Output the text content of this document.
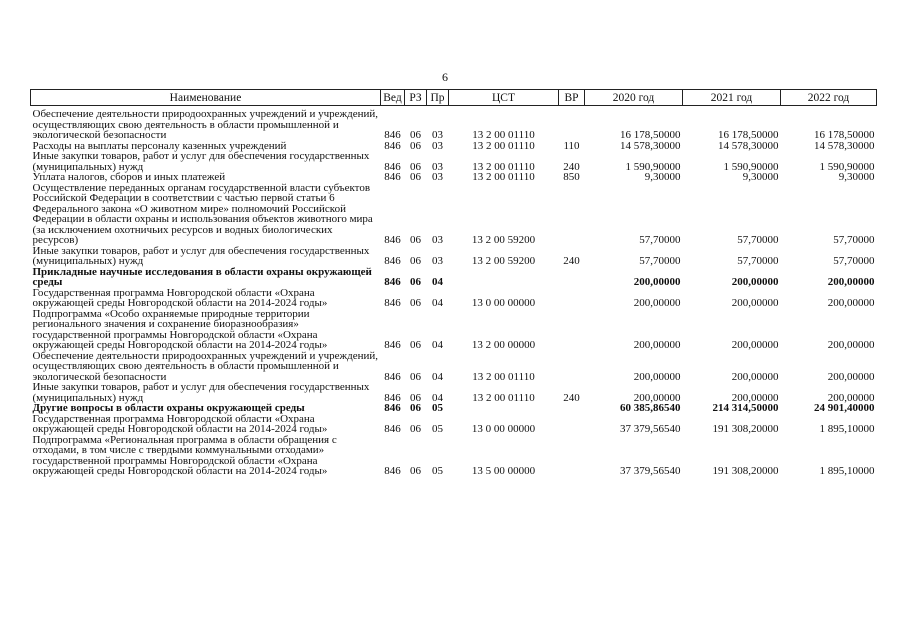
6
Наименование	Вед	РЗ	Пр	ЦСТ	ВР	2020 год	2021 год	2022 год
Обеспечение деятельности природоохранных учреждений и учреждений, осуществляющих свою деятельность в области промышленной и экологической безопасности	846	06	03	13 2 00 01110		16 178,50000	16 178,50000	16 178,50000
Расходы на выплаты персоналу казенных учреждений	846	06	03	13 2 00 01110	110	14 578,30000	14 578,30000	14 578,30000
Иные закупки товаров, работ и услуг для обеспечения государственных (муниципальных) нужд	846	06	03	13 2 00 01110	240	1 590,90000	1 590,90000	1 590,90000
Уплата налогов, сборов и иных платежей	846	06	03	13 2 00 01110	850	9,30000	9,30000	9,30000
Осуществление переданных органам государственной власти субъектов Российской Федерации в соответствии с частью первой статьи 6 Федерального закона «О животном мире» полномочий Российской Федерации в области охраны и использования объектов животного мира (за исключением охотничьих ресурсов и водных биологических ресурсов)	846	06	03	13 2 00 59200		57,70000	57,70000	57,70000
Иные закупки товаров, работ и услуг для обеспечения государственных (муниципальных) нужд	846	06	03	13 2 00 59200	240	57,70000	57,70000	57,70000
Прикладные научные исследования в области охраны окружающей среды	846	06	04			200,00000	200,00000	200,00000
Государственная программа Новгородской области «Охрана окружающей среды Новгородской области на 2014-2024 годы»	846	06	04	13 0 00 00000		200,00000	200,00000	200,00000
Подпрограмма «Особо охраняемые природные территории регионального значения и сохранение биоразнообразия» государственной программы Новгородской области «Охрана окружающей среды Новгородской области на 2014-2024 годы»	846	06	04	13 2 00 00000		200,00000	200,00000	200,00000
Обеспечение деятельности природоохранных учреждений и учреждений, осуществляющих свою деятельность в области промышленной и экологической безопасности	846	06	04	13 2 00 01110		200,00000	200,00000	200,00000
Иные закупки товаров, работ и услуг для обеспечения государственных (муниципальных) нужд	846	06	04	13 2 00 01110	240	200,00000	200,00000	200,00000
Другие вопросы в области охраны окружающей среды	846	06	05			60 385,86540	214 314,50000	24 901,40000
Государственная программа Новгородской области «Охрана окружающей среды Новгородской области на 2014-2024 годы»	846	06	05	13 0 00 00000		37 379,56540	191 308,20000	1 895,10000
Подпрограмма «Региональная программа в области обращения с отходами, в том числе с твердыми коммунальными отходами» государственной программы Новгородской области «Охрана окружающей среды Новгородской области на 2014-2024 годы»	846	06	05	13 5 00 00000		37 379,56540	191 308,20000	1 895,10000
